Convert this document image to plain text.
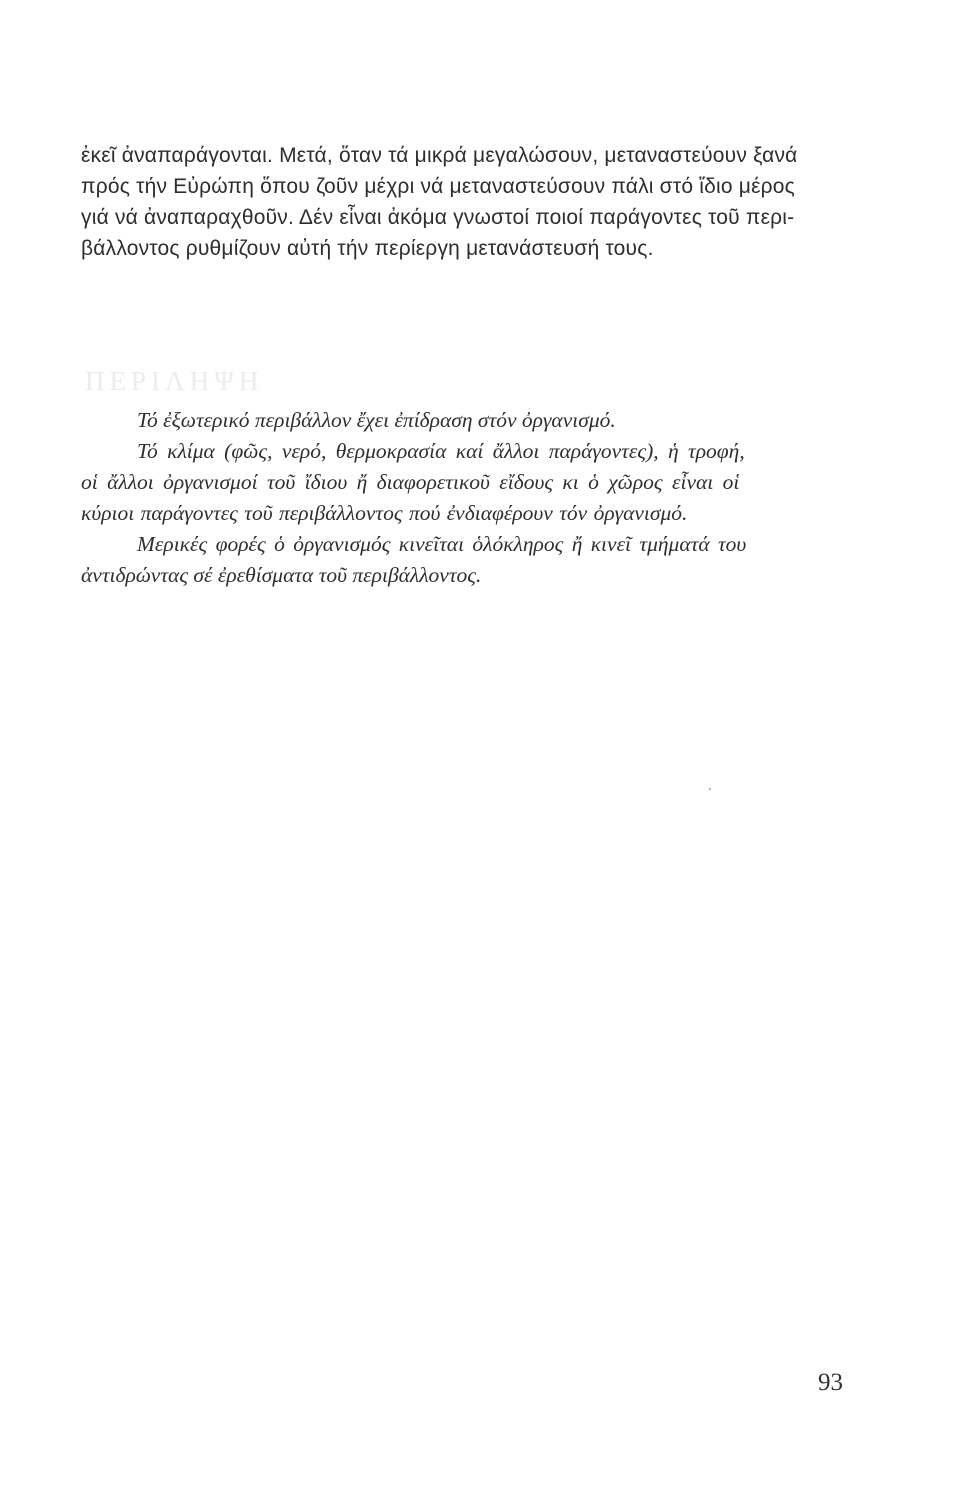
ἐκεῖ ἀναπαράγονται. Μετά, ὅταν τά μικρά μεγαλώσουν, μεταναστεύουν ξανά
πρός τήν Εὐρώπη ὅπου ζοῦν μέχρι νά μεταναστεύσουν πάλι στό ἴδιο μέρος
γιά νά ἀναπαραχθοῦν. Δέν εἶναι ἀκόμα γνωστοί ποιοί παράγοντες τοῦ περι-
βάλλοντος ρυθμίζουν αὐτή τήν περίεργη μετανάστευσή τους.
ΠΕΡΙΛΗΨΗ
Τό ἐξωτερικό περιβάλλον ἔχει ἐπίδραση στόν ὀργανισμό.
Τό κλίμα (φῶς, νερό, θερμοκρασία καί ἄλλοι παράγοντες), ἡ τροφή,
οἱ ἄλλοι ὀργανισμοί τοῦ ἴδιου ἤ διαφορετικοῦ εἴδους κι ὁ χῶρος εἶναι οἱ
κύριοι παράγοντες τοῦ περιβάλλοντος πού ἐνδιαφέρουν τόν ὀργανισμό.
Μερικές φορές ὁ ὀργανισμός κινεῖται ὁλόκληρος ἤ κινεῖ τμήματά του
ἀντιδρώντας σέ ἐρεθίσματα τοῦ περιβάλλοντος.
93
